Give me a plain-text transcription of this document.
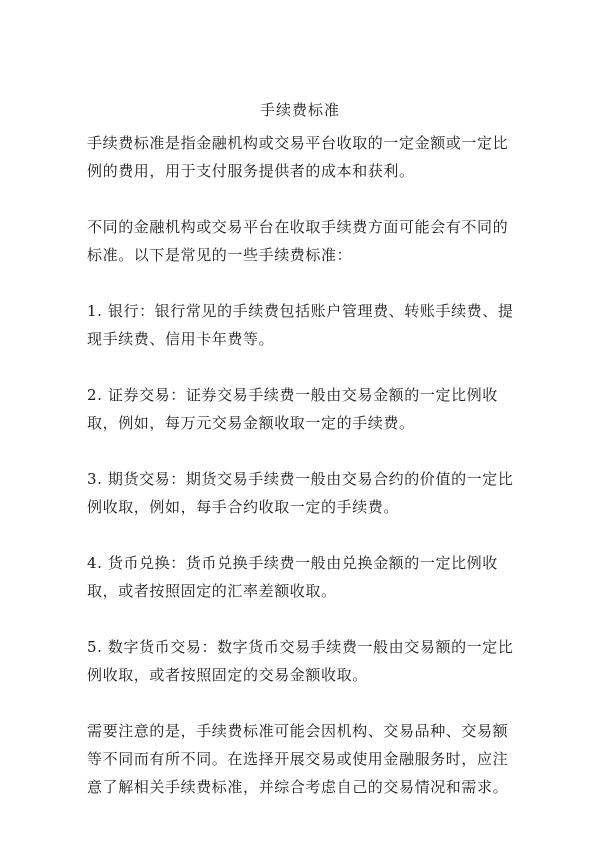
手续费标准

手续费标准是指金融机构或交易平台收取的一定金额或一定比例的费用，用于支付服务提供者的成本和获利。

不同的金融机构或交易平台在收取手续费方面可能会有不同的标准。以下是常见的一些手续费标准：

1. 银行：银行常见的手续费包括账户管理费、转账手续费、提现手续费、信用卡年费等。

2. 证券交易：证券交易手续费一般由交易金额的一定比例收取，例如，每万元交易金额收取一定的手续费。

3. 期货交易：期货交易手续费一般由交易合约的价值的一定比例收取，例如，每手合约收取一定的手续费。

4. 货币兑换：货币兑换手续费一般由兑换金额的一定比例收取，或者按照固定的汇率差额收取。

5. 数字货币交易：数字货币交易手续费一般由交易额的一定比例收取，或者按照固定的交易金额收取。

需要注意的是，手续费标准可能会因机构、交易品种、交易额等不同而有所不同。在选择开展交易或使用金融服务时，应注意了解相关手续费标准，并综合考虑自己的交易情况和需求。
